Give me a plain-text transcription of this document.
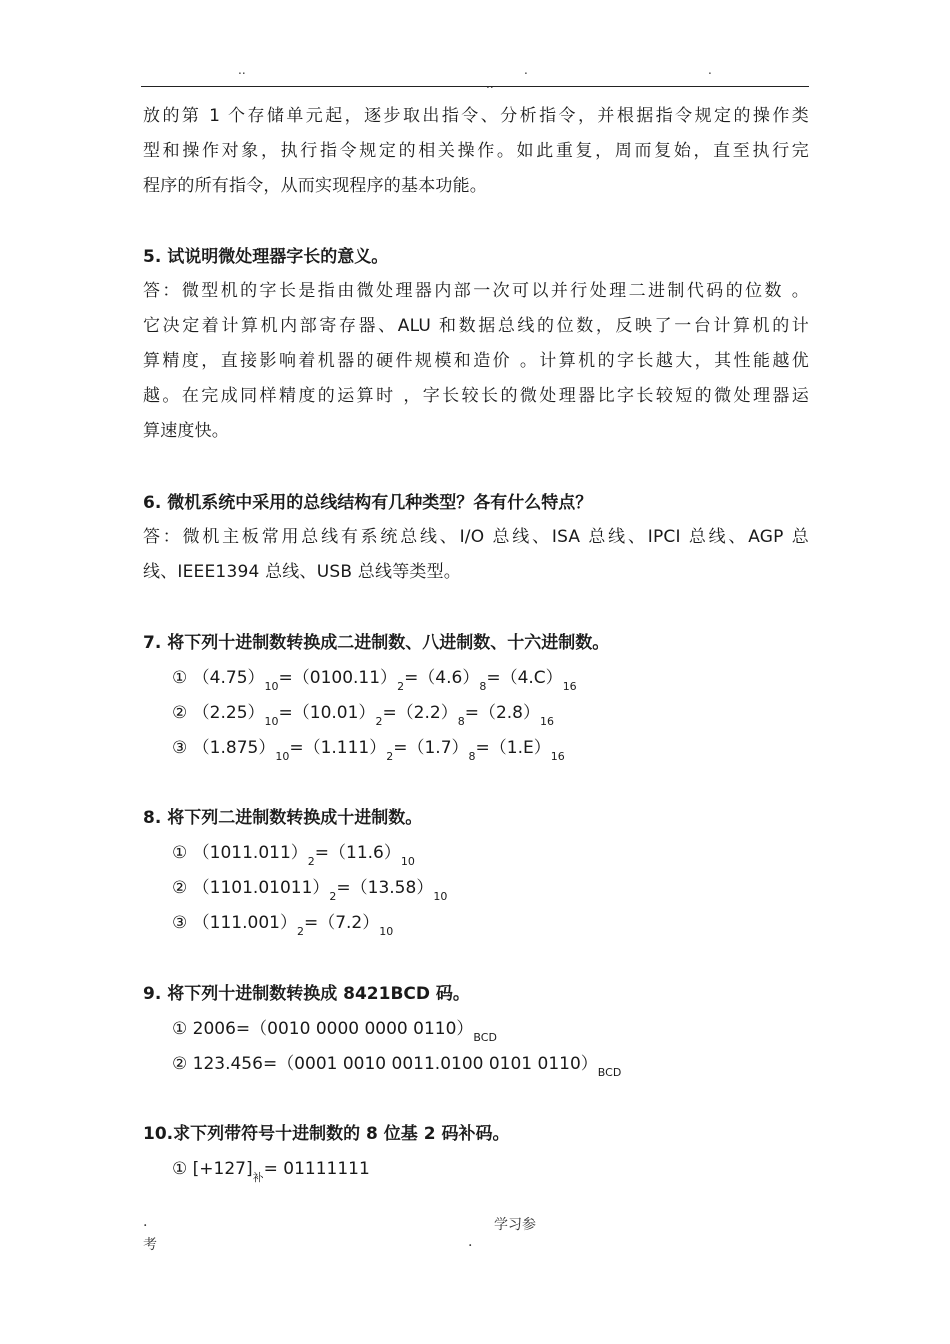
..	.	.
..
放的第 1 个存储单元起，逐步取出指令、分析指令，并根据指令规定的操作类
型和操作对象，执行指令规定的相关操作。如此重复，周而复始，直至执行完
程序的所有指令，从而实现程序的基本功能。
5. 试说明微处理器字长的意义。
答：微型机的字长是指由微处理器内部一次可以并行处理二进制代码的位数 。
它决定着计算机内部寄存器、ALU 和数据总线的位数，反映了一台计算机的计
算精度，直接影响着机器的硬件规模和造价 。计算机的字长越大，其性能越优
越。在完成同样精度的运算时 ，字长较长的微处理器比字长较短的微处理器运
算速度快。
6. 微机系统中采用的总线结构有几种类型？各有什么特点？
答：微机主板常用总线有系统总线、I/O 总线、ISA 总线、IPCI 总线、AGP 总
线、IEEE1394 总线、USB 总线等类型。
7. 将下列十进制数转换成二进制数、八进制数、十六进制数。
① $(4.75)_{10}=(0100.11)_2=(4.6)_8=(4.C)_{16}$
② $(2.25)_{10}=(10.01)_2=(2.2)_8=(2.8)_{16}$
③ $(1.875)_{10}=(1.111)_2=(1.7)_8=(1.E)_{16}$
8. 将下列二进制数转换成十进制数。
① $(1011.011)_2=(11.6)_{10}$
② $(1101.01011)_2=(13.58)_{10}$
③ $(111.001)_2=(7.2)_{10}$
9. 将下列十进制数转换成 8421BCD 码。
① 2006=（0010 0000 0000 $0110)_{BCD}$
② 123.456=（0001 0010 0011.0100 0101 $0110)_{BCD}$
10.求下列带符号十进制数的 8 位基 2 码补码。
① $[+127]_补= 01111111$
.	学习参
考	.
